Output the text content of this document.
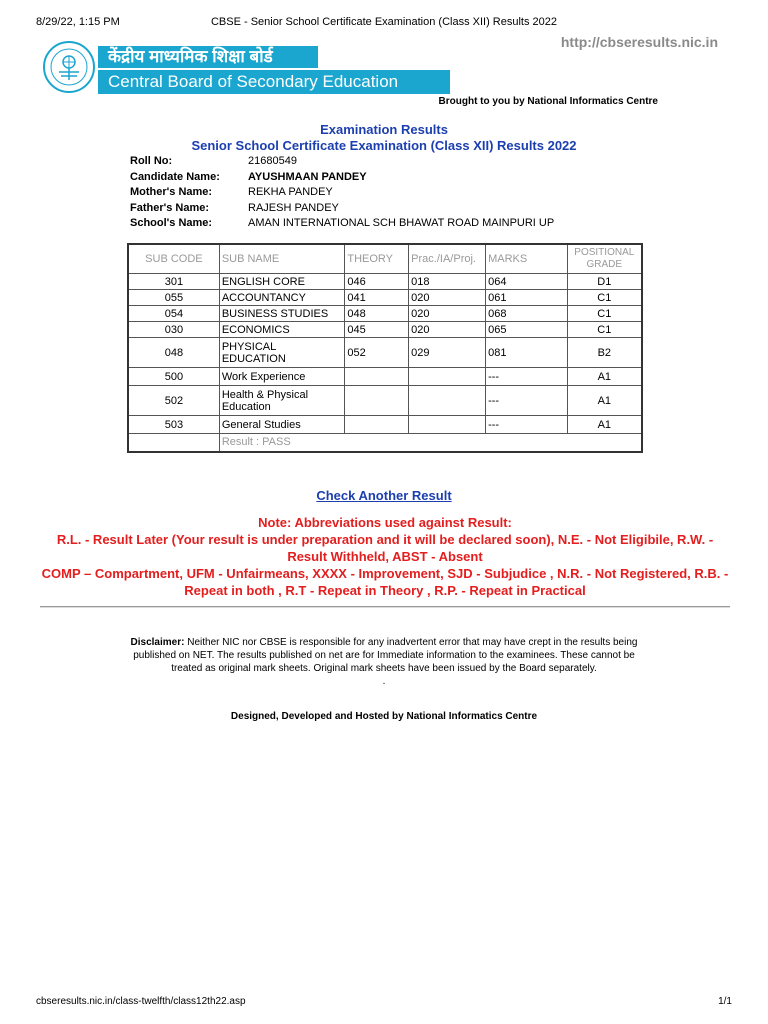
8/29/22, 1:15 PM	CBSE - Senior School Certificate Examination (Class XII) Results 2022
http://cbseresults.nic.in
केंद्रीय माध्यमिक शिक्षा बोर्ड
Central Board of Secondary Education
Brought to you by National Informatics Centre
Examination Results
Senior School Certificate Examination (Class XII) Results 2022
Roll No:	21680549
Candidate Name:	AYUSHMAAN PANDEY
Mother's Name:	REKHA PANDEY
Father's Name:	RAJESH PANDEY
School's Name:	AMAN INTERNATIONAL SCH BHAWAT ROAD MAINPURI UP
SUB CODE	SUB NAME	THEORY	Prac./IA/Proj.	MARKS	POSITIONAL GRADE
301	ENGLISH CORE	046	018	064	D1
055	ACCOUNTANCY	041	020	061	C1
054	BUSINESS STUDIES	048	020	068	C1
030	ECONOMICS	045	020	065	C1
048	PHYSICAL EDUCATION	052	029	081	B2
500	Work Experience			---	A1
502	Health & Physical Education			---	A1
503	General Studies			---	A1
	Result : PASS				
Check Another Result

Note: Abbreviations used against Result:

R.L. - Result Later (Your result is under preparation and it will be declared soon), N.E. - Not Eligibile, R.W. - Result Withheld, ABST - Absent

COMP – Compartment, UFM - Unfairmeans, XXXX - Improvement, SJD - Subjudice , N.R. - Not Registered, R.B. - Repeat in both , R.T - Repeat in Theory , R.P. - Repeat in Practical

Disclaimer: Neither NIC nor CBSE is responsible for any inadvertent error that may have crept in the results being published on NET. The results published on net are for Immediate information to the examinees. These cannot be treated as original mark sheets. Original mark sheets have been issued by the Board separately.
.
Designed, Developed and Hosted by National Informatics Centre
cbseresults.nic.in/class-twelfth/class12th22.asp	1/1
